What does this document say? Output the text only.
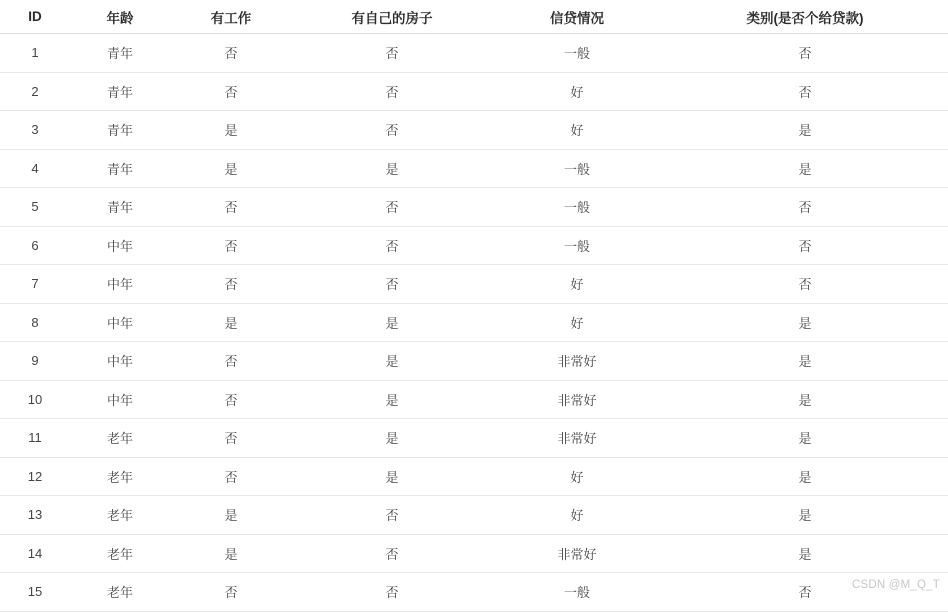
ID	年龄	有工作	有自己的房子	信贷情况	类别(是否个给贷款)
1	青年	否	否	一般	否
2	青年	否	否	好	否
3	青年	是	否	好	是
4	青年	是	是	一般	是
5	青年	否	否	一般	否
6	中年	否	否	一般	否
7	中年	否	否	好	否
8	中年	是	是	好	是
9	中年	否	是	非常好	是
10	中年	否	是	非常好	是
11	老年	否	是	非常好	是
12	老年	否	是	好	是
13	老年	是	否	好	是
14	老年	是	否	非常好	是
15	老年	否	否	一般	否
CSDN @M_Q_T
